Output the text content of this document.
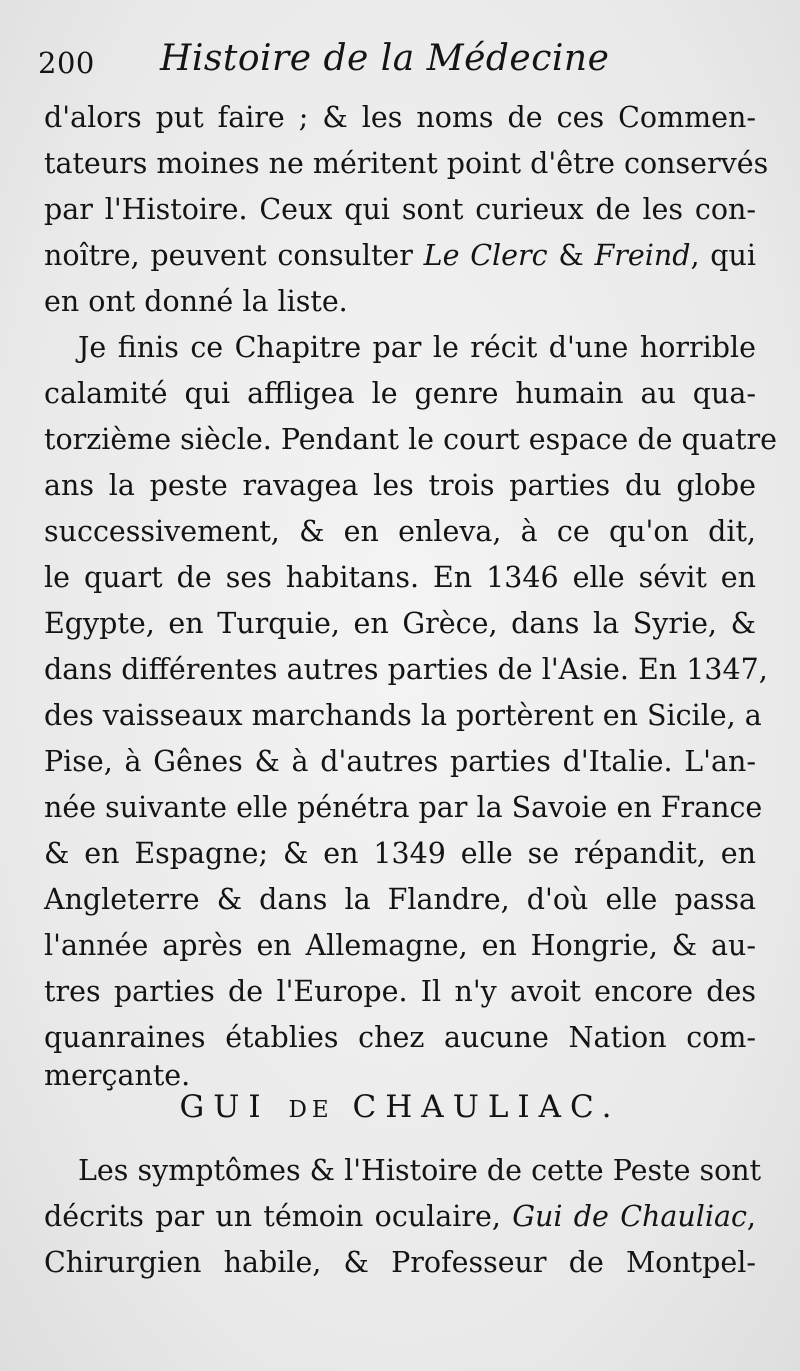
200 Histoire de la Médecine
d'alors put faire ; & les noms de ces Commen-
tateurs moines ne méritent point d'être conservés
par l'Histoire. Ceux qui sont curieux de les con-
noître, peuvent consulter Le Clerc & Freind, qui
en ont donné la liste.
Je finis ce Chapitre par le récit d'une horrible
calamité qui affligea le genre humain au qua-
torzième siècle. Pendant le court espace de quatre
ans la peste ravagea les trois parties du globe
successivement, & en enleva, à ce qu'on dit,
le quart de ses habitans. En 1346 elle sévit en
Egypte, en Turquie, en Grèce, dans la Syrie, &
dans différentes autres parties de l'Asie. En 1347,
des vaisseaux marchands la portèrent en Sicile, a
Pise, à Gênes & à d'autres parties d'Italie. L'an-
née suivante elle pénétra par la Savoie en France
& en Espagne; & en 1349 elle se répandit, en
Angleterre & dans la Flandre, d'où elle passa
l'année après en Allemagne, en Hongrie, & au-
tres parties de l'Europe. Il n'y avoit encore des
quanraines établies chez aucune Nation com-
merçante.
GUI DE CHAULIAC.
Les symptômes & l'Histoire de cette Peste sont
décrits par un témoin oculaire, Gui de Chauliac,
Chirurgien habile, & Professeur de Montpel-
